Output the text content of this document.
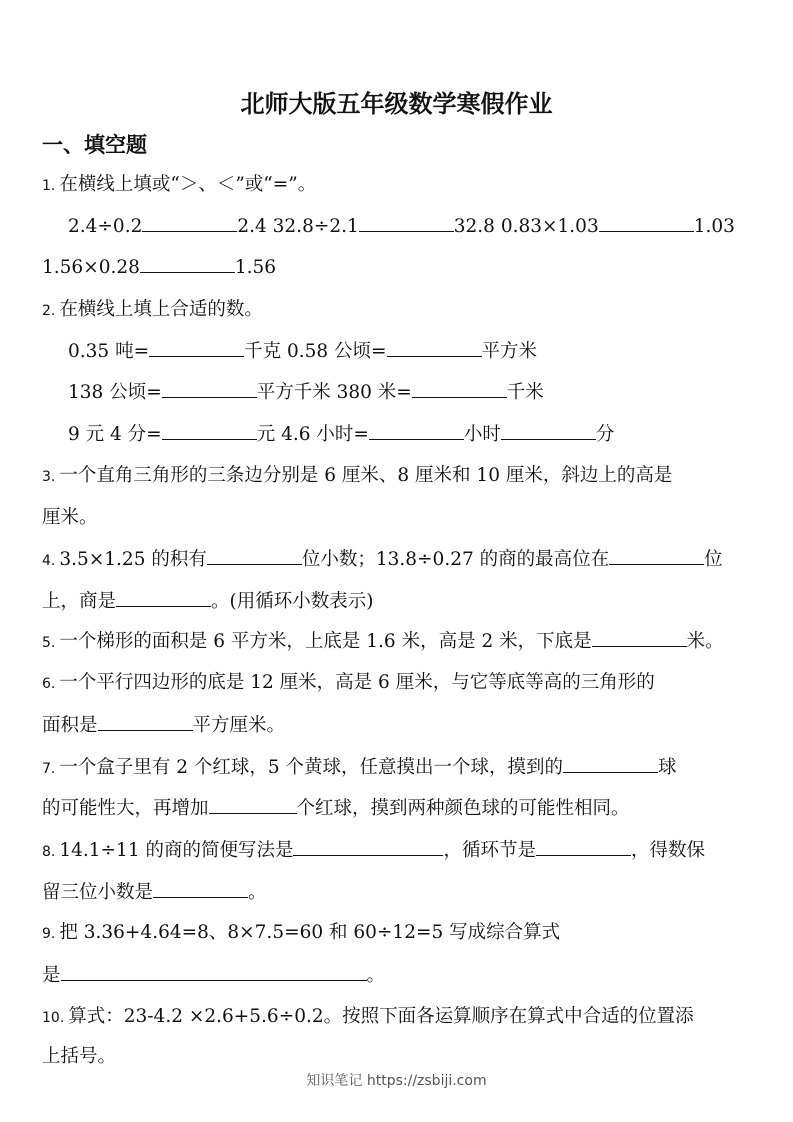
北师大版五年级数学寒假作业
一、填空题
1. 在横线上填或“＞、＜”或“=”。
2.4÷0.2	2.4 32.8÷2.1	32.8 0.83×1.03	1.03
1.56×0.28	1.56
2. 在横线上填上合适的数。
0.35 吨=	千克 0.58 公顷=	平方米
138 公顷=	平方千米 380 米=	千米
9 元 4 分=	元 4.6 小时=	小时	分
3. 一个直角三角形的三条边分别是 6 厘米、8 厘米和 10 厘米，斜边上的高是
厘米。
4. 3.5×1.25 的积有	位小数；13.8÷0.27 的商的最高位在	位
上，商是	。(用循环小数表示)
5. 一个梯形的面积是 6 平方米，上底是 1.6 米，高是 2 米，下底是	米。
6. 一个平行四边形的底是 12 厘米，高是 6 厘米，与它等底等高的三角形的
面积是	平方厘米。
7. 一个盒子里有 2 个红球，5 个黄球，任意摸出一个球，摸到的	球
的可能性大，再增加	个红球，摸到两种颜色球的可能性相同。
8. 14.1÷11 的商的简便写法是	，循环节是	，得数保
留三位小数是	。
9. 把 3.36+4.64=8、8×7.5=60 和 60÷12=5 写成综合算式
是	。
10. 算式：23-4.2 ×2.6+5.6÷0.2。按照下面各运算顺序在算式中合适的位置添
上括号。
知识笔记 https://zsbiji.com
